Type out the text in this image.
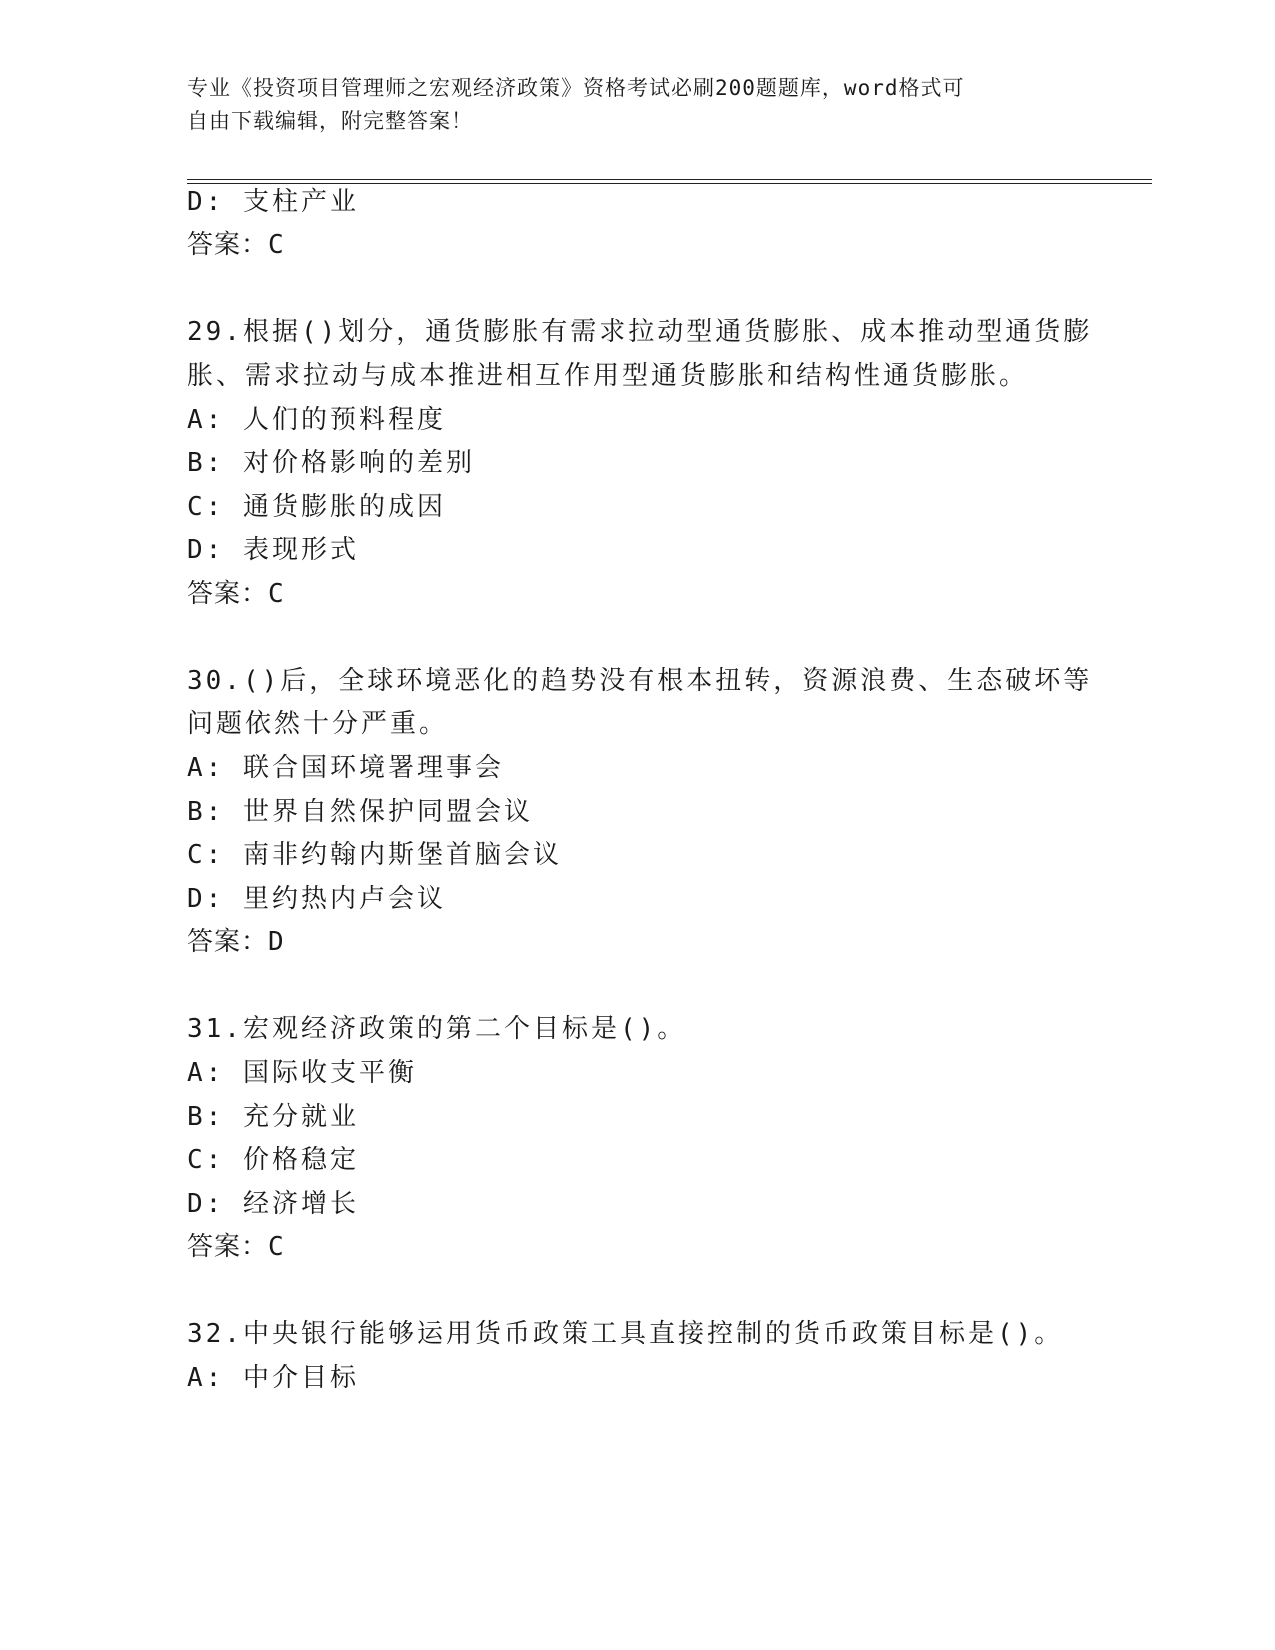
专业《投资项目管理师之宏观经济政策》资格考试必刷200题题库，word格式可
自由下载编辑，附完整答案！
D: 支柱产业
答案：C
29.根据()划分，通货膨胀有需求拉动型通货膨胀、成本推动型通货膨
胀、需求拉动与成本推进相互作用型通货膨胀和结构性通货膨胀。
A: 人们的预料程度
B: 对价格影响的差别
C: 通货膨胀的成因
D: 表现形式
答案：C
30.()后，全球环境恶化的趋势没有根本扭转，资源浪费、生态破坏等
问题依然十分严重。
A: 联合国环境署理事会
B: 世界自然保护同盟会议
C: 南非约翰内斯堡首脑会议
D: 里约热内卢会议
答案：D
31.宏观经济政策的第二个目标是()。
A: 国际收支平衡
B: 充分就业
C: 价格稳定
D: 经济增长
答案：C
32.中央银行能够运用货币政策工具直接控制的货币政策目标是()。
A: 中介目标
